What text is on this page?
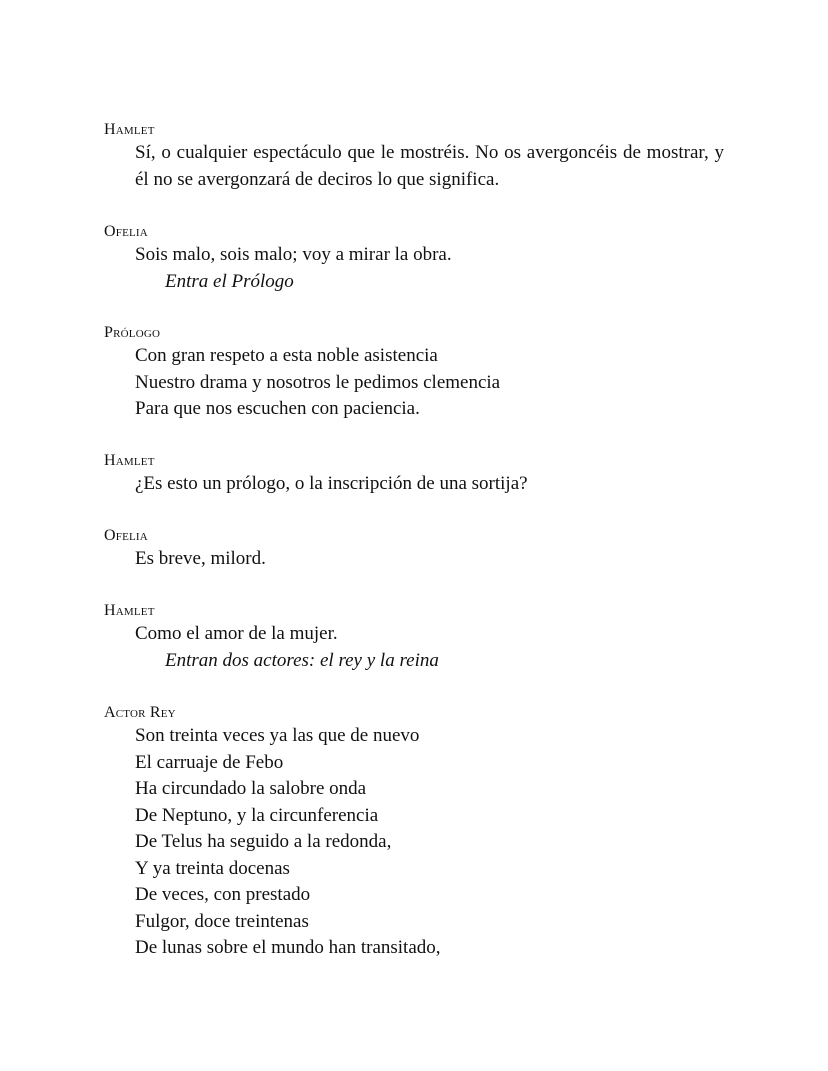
Hamlet
Sí, o cualquier espectáculo que le mostréis. No os avergoncéis de mostrar, y él no se avergonzará de deciros lo que significa.
Ofelia
Sois malo, sois malo; voy a mirar la obra.
Entra el Prólogo
Prólogo
Con gran respeto a esta noble asistencia
Nuestro drama y nosotros le pedimos clemencia
Para que nos escuchen con paciencia.
Hamlet
¿Es esto un prólogo, o la inscripción de una sortija?
Ofelia
Es breve, milord.
Hamlet
Como el amor de la mujer.
Entran dos actores: el rey y la reina
Actor Rey
Son treinta veces ya las que de nuevo
El carruaje de Febo
Ha circundado la salobre onda
De Neptuno, y la circunferencia
De Telus ha seguido a la redonda,
Y ya treinta docenas
De veces, con prestado
Fulgor, doce treintenas
De lunas sobre el mundo han transitado,
